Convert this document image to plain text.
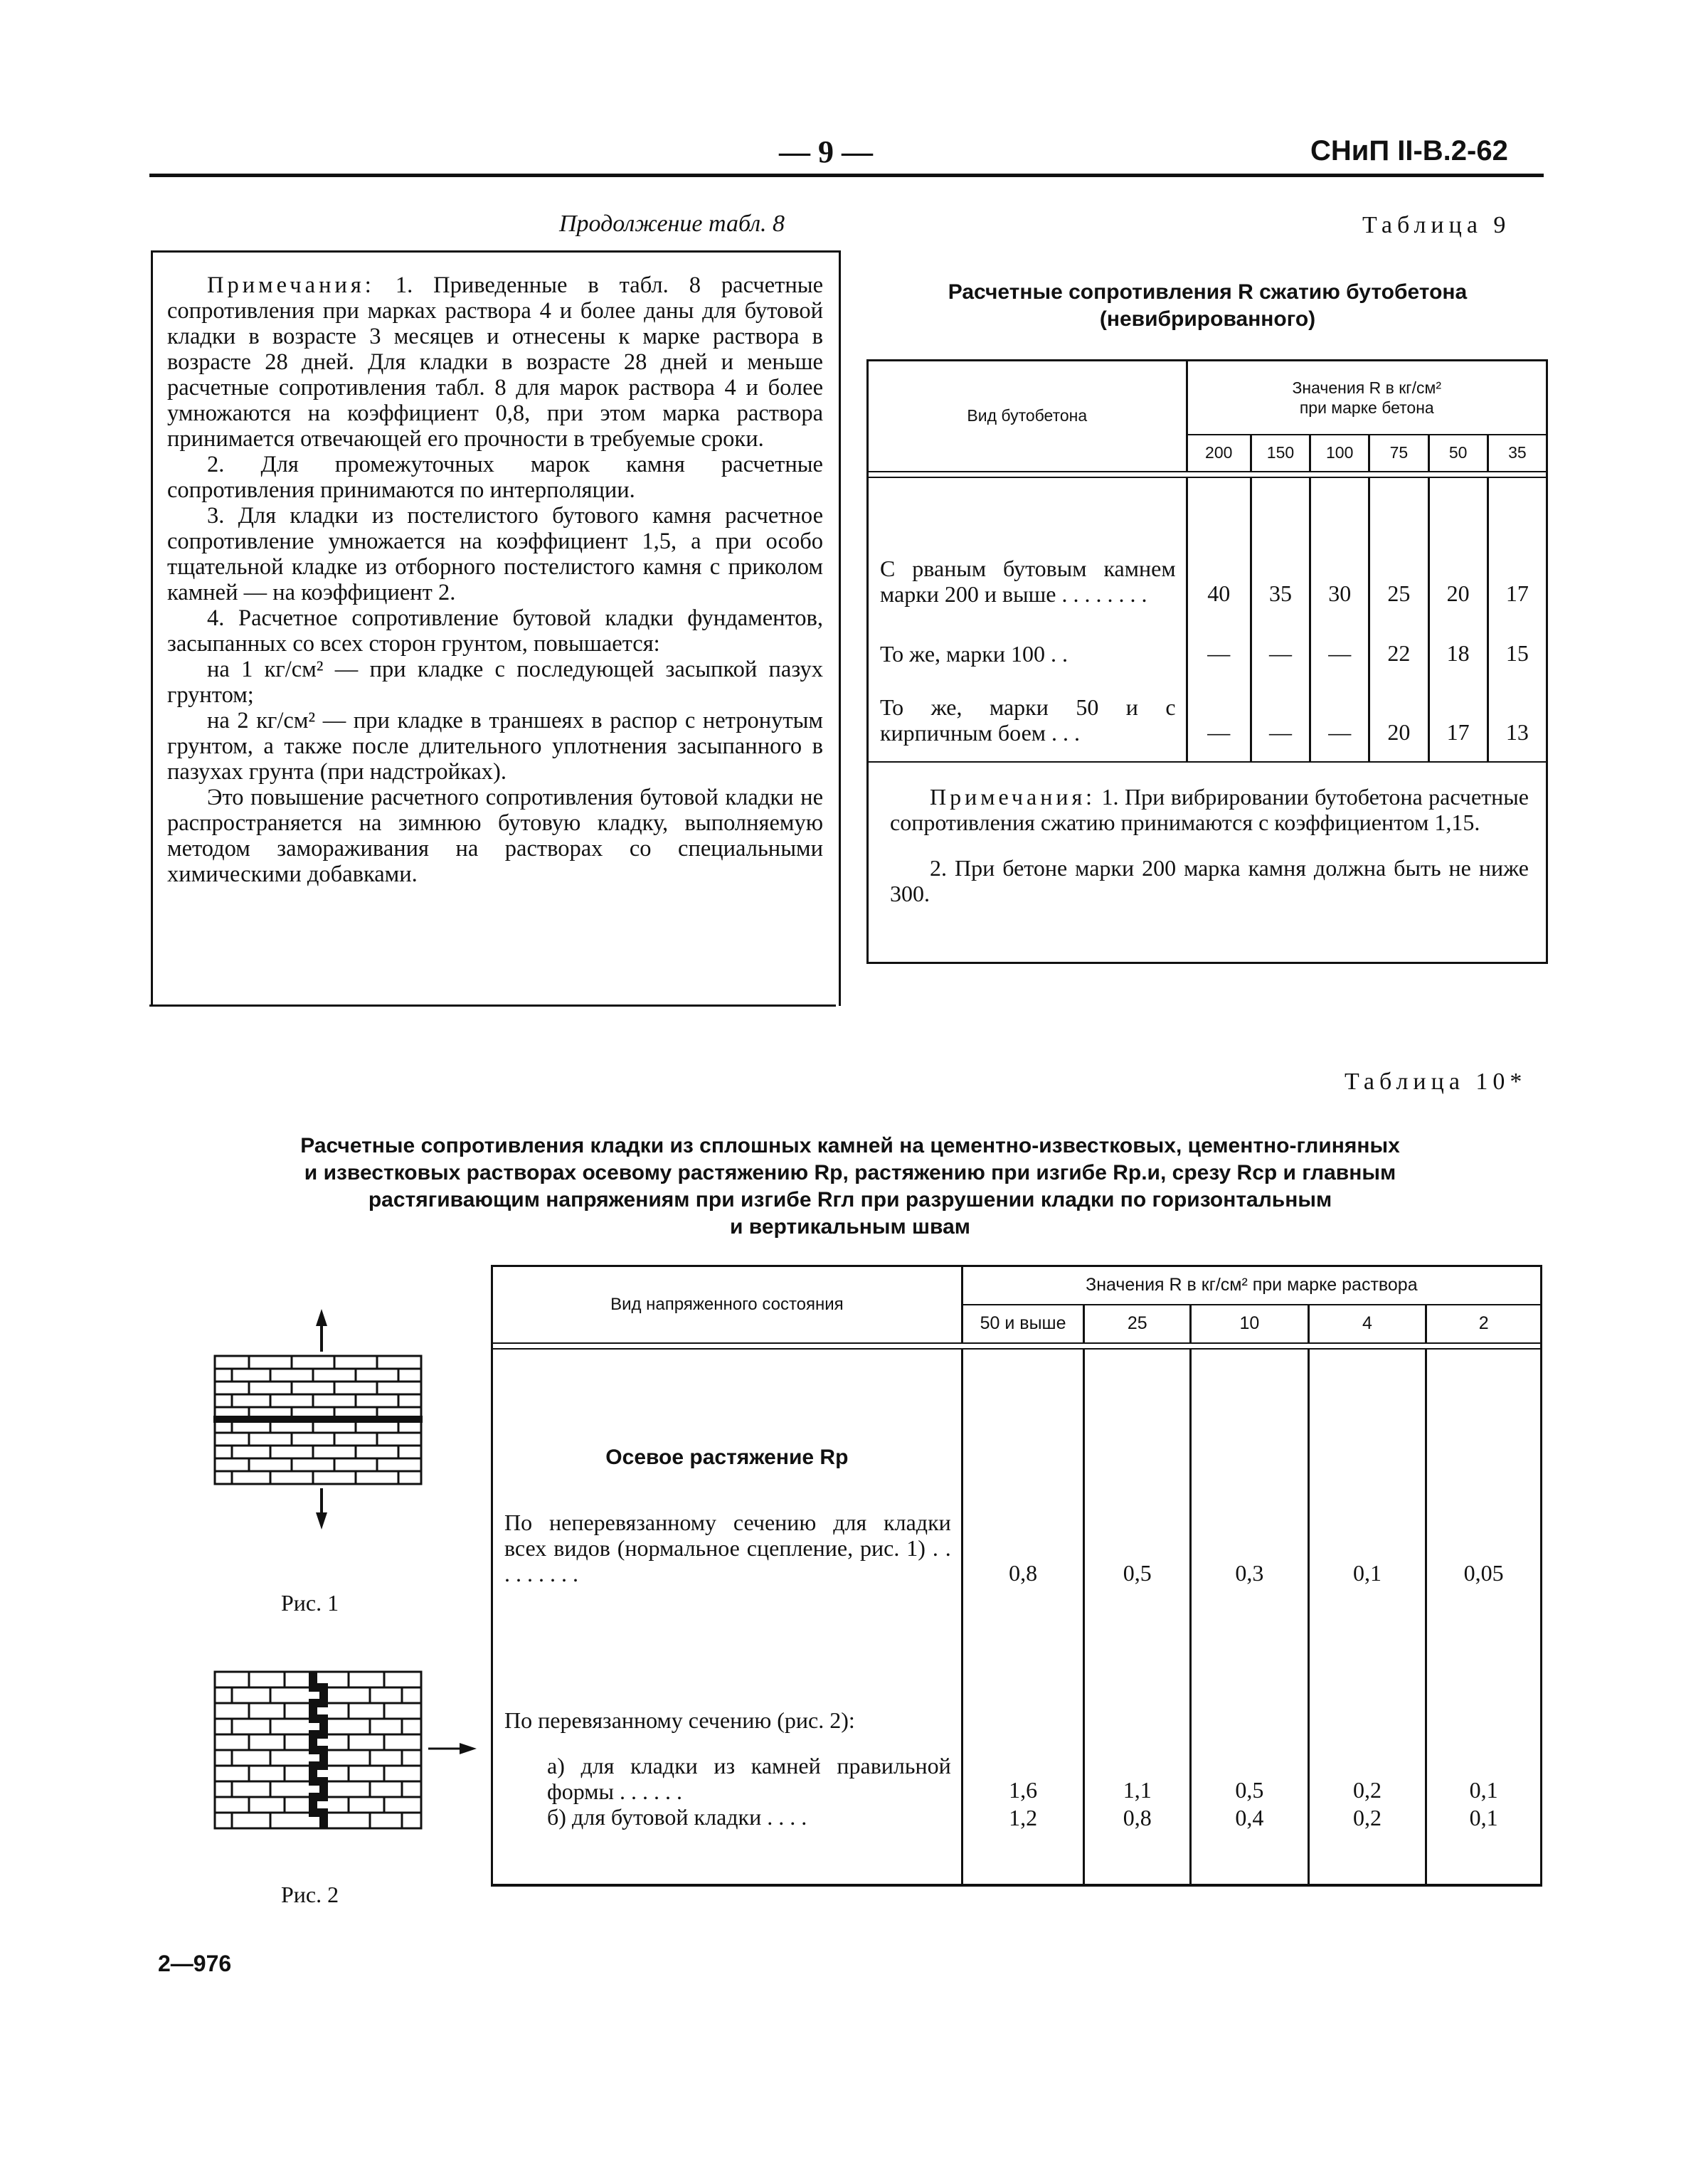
— 9 —	СНиП II-В.2-62
Продолжение табл. 8

Примечания: 1. Приведенные в табл. 8 расчетные сопротивления при марках раствора 4 и более даны для бутовой кладки в возрасте 3 месяцев и отнесены к марке раствора в возрасте 28 дней. Для кладки в возрасте 28 дней и меньше расчетные сопротивления табл. 8 для марок раствора 4 и более умножаются на коэффициент 0,8, при этом марка раствора принимается отвечающей его прочности в требуемые сроки.

2. Для промежуточных марок камня расчетные сопротивления принимаются по интерполяции.

3. Для кладки из постелистого бутового камня расчетное сопротивление умножается на коэффициент 1,5, а при особо тщательной кладке из отборного постелистого камня с приколом камней — на коэффициент 2.

4. Расчетное сопротивление бутовой кладки фундаментов, засыпанных со всех сторон грунтом, повышается:

на 1 кг/см² — при кладке с последующей засыпкой пазух грунтом;

на 2 кг/см² — при кладке в траншеях в распор с нетронутым грунтом, а также после длительного уплотнения засыпанного в пазухах грунта (при надстройках).

Это повышение расчетного сопротивления бутовой кладки не распространяется на зимнюю бутовую кладку, выполняемую методом замораживания на растворах со специальными химическими добавками.

Таблица 9
Расчетные сопротивления R сжатию бутобетона
(невибрированного)
Вид бутобетона	Значения R в кг/см²
при марке бетона					

	200	150	100	75	50	35

С рваным бутовым камнем марки 200 и выше . . . . . . . .	40	35	30	25	20	17
То же, марки 100 . .	—	—	—	22	18	15
То же, марки 50 и с кирпичным боем . . .	—	—	—	20	17	13

Примечания: 1. При вибрировании бутобетона расчетные сопротивления сжатию принимаются с коэффициентом 1,15.

2. При бетоне марки 200 марка камня должна быть не ниже 300.						

Таблица 10*
Расчетные сопротивления кладки из сплошных камней на цементно-известковых, цементно-глиняных
и известковых растворах осевому растяжению Rр, растяжению при изгибе Rр.и, срезу Rср и главным
растягивающим напряжениям при изгибе Rгл при разрушении кладки по горизонтальным
и вертикальным швам
Вид напряженного состояния	Значения R в кг/см² при марке раствора				
	50 и выше	25	10	4	2

Осевое растяжение Rр					
По неперевязанному сечению для кладки всех видов (нормальное сцепление, рис. 1) . . . . . . . . .	0,8	0,5	0,3	0,1	0,05
По перевязанному сечению (рис. 2):					
а) для кладки из камней правильной формы . . . . . .	1,6	1,1	0,5	0,2	0,1
б) для бутовой кладки . . . .	1,2	0,8	0,4	0,2	0,1

Рис. 1
Рис. 2
2—976
